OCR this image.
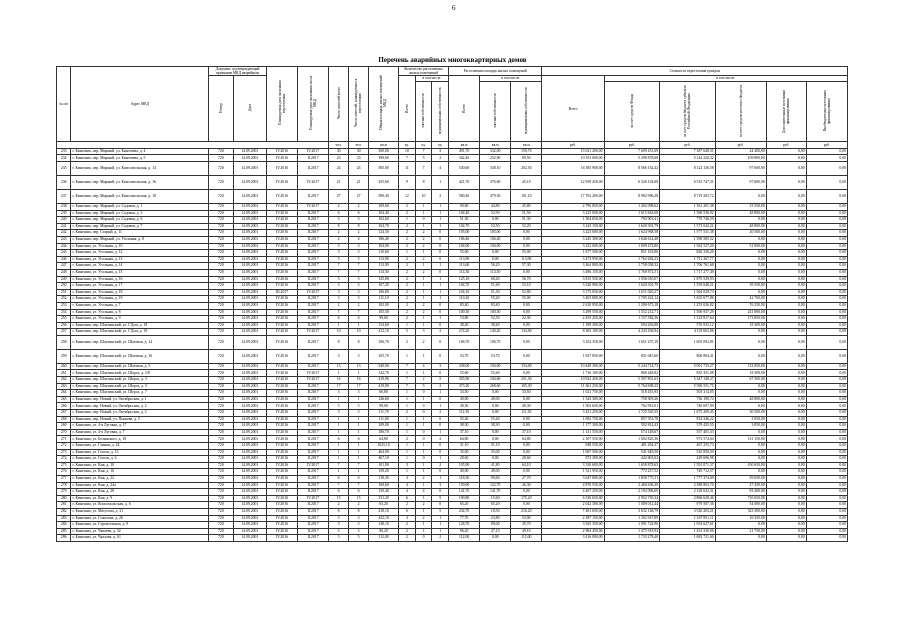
6
Перечень аварийных многоквартирных домов
№ п/п	Адрес МКД	Документ, подтверждающий признание МКД аварийным		Планируемая дата окончания переселения	Планируемая дата окончания сноса МКД	Число жителей всего	Число жителей, планируемых к переселению	Общая площадь жилых помещений МКД	Количество расселяемых жилых помещений			Расселяемая площадь жилых помещений			Стоимость переселения граждан					
		Номер	Дата						Всего	в том числе:		Всего	в том числе:		Всего	в том числе:				
										частная собственность	муниципальная собственность		частная собственность	муниципальная собственность		за счет средств Фонда	за счет средств бюджета субъекта Российской Федерации	за счет средств местного бюджета	Дополнительные источники финансирования	Внебюджетные источники финансирования
						чел.	чел.	кв.м	ед.	ед.	ед.	кв.м	кв.м	кв.м	руб.	руб.	руб.	руб.	руб.	руб.
233	г. Кинешма, пер. Мирный, ул. Кинешева, д. 4	720	14.09.2001	IV.2016	IV.2017	30	30	500,00	10	7	3	491,70	332,00	159,70	15 021 200,00	7 609 451,69	7 387 648,31	24 400,00	0,00	0,00
234	г. Кинешма, пер. Мирный, ул. Кинешева, д. 5	720	14.09.2001	IV.2016	II.2017	23	23	399,60	7	5	2	342,40	252,90	89,50	10 553 000,00	5 298 878,68	5 144 220,32	109 800,00	0,00	0,00
235	г. Кинешма, пер. Мирный, ул. Комсомольская, д. 14	720	14.09.2001	IV.2016	II.2017	24	24	585,00	11	7	4	540,60	338,10	202,50	16 585 900,00	8 566 162,42	8 122 136,58	97 600,00	0,00	0,00
236	г. Кинешма, пер. Мирный, ул. Комсомольская, д. 16	720	14.09.2001	IV.2016	IV.2017	21	21	455,60	9	8	1	421,70	376,60	45,10	12 959 450,00	6 326 102,69	6 535 747,31	97 600,00	0,00	0,00
237	г. Кинешма, пер. Мирный, ул. Комсомольская, д. 18	720	14.09.2001	IV.2016	II.2017	27	27	580,40	12	10	2	580,40	479,30	101,10	17 702 200,00	8 982 996,28	8 719 203,72	0,00	0,00	0,00
238	г. Кинешма, пер. Мирный, ул. Садовая, д. 1	720	14.09.2001	IV.2016	IV.2017	2	2	109,60	2	1	1	90,60	44,80	45,80	2 796 850,00	1 402 098,62	1 361 201,38	33 550,00	0,00	0,00
239	г. Кинешма, пер. Мирный, ул. Садовая, д. 3	720	14.09.2001	IV.2016	II.2017	6	6	104,40	2	1	1	104,40	52,90	51,50	3 223 000,00	1 615 663,08	1 568 536,92	48 800,00	0,00	0,00
240	г. Кинешма, пер. Мирный, ул. Садовая, д. 6	720	14.09.2001	IV.2016	II.2017	3	3	102,60	1	0	1	51,30	0,00	51,30	1 564 650,00	783 903,41	770 746,59	0,00	0,00	0,00
241	г. Кинешма, пер. Мирный, ул. Садовая, д. 7	720	14.09.2001	IV.2016	II.2017	8	8	104,70	2	1	1	104,70	52,50	52,20	3 243 150,00	1 620 301,79	1 573 044,21	48 800,00	0,00	0,00
242	г. Кинешма, пер. Старый, д. 11	720	14.09.2001	IV.2016	II.2017	2	2	124,50	2	2	0	105,00	105,00	0,00	3 223 000,00	1 624 968,58	1 577 531,38	20 500,00	0,00	0,00
243	г. Кинешма, пер. Мирный, ул. Угольная, д. 8	720	14.09.2001	IV.2016	II.2017	4	4	106,40	2	2	0	106,40	106,40	0,00	3 245 300,00	1 646 614,48	1 598 585,52	0,00	0,00	0,00
244	г. Кинешма, ул. Угольная, д. 10	720	14.09.2001	IV.2016	II.2017	3	3	104,00	2	2	0	104,00	104,00	0,00	3 223 000,00	1 609 472,80	1 562 527,20	51 000,00	0,00	0,00
245	г. Кинешма, ул. Угольная, д. 12	720	14.09.2001	IV.2016	II.2017	3	3	110,60	1	1	0	55,00	0,00	55,00	1 677 500,00	851 163,80	826 336,20	0,00	0,00	0,00
246	г. Кинешма, ул. Угольная, д. 13	720	14.09.2001	IV.2016	II.2017	5	5	113,90	2	2	0	113,90	0,00	113,90	3 473 950,00	1 762 682,23	1 711 267,77	0,00	0,00	0,00
247	г. Кинешма, ул. Угольная, д. 14	720	14.09.2001	IV.2016	II.2017	7	7	113,90	2	1	1	113,60	56,20	57,30	3 464 800,00	1 758 038,32	1 706 761,68	0,00	0,00	0,00
248	г. Кинешма, ул. Угольная, д. 15	720	14.09.2001	IV.2016	II.2017	7	7	114,30	2	2	0	114,30	114,30	0,00	3 486 150,00	1 768 872,51	1 717 277,49	0,00	0,00	0,00
249	г. Кинешма, ул. Угольная, д. 16	720	14.09.2001	IV.2016	II.2017	5	5	125,80	2	1	1	125,10	68,40	56,70	3 815 550,00	1 936 010,07	1 879 539,93	0,00	0,00	0,00
250	г. Кинешма, ул. Угольная, д. 17	720	14.09.2001	IV.2016	II.2017	3	3	107,20	2	1	1	104,70	51,60	53,10	3 226 900,00	1 620 301,79	1 559 048,21	39 550,00	0,00	0,00
251	г. Кинешма, ул. Угольная, д. 18	720	14.09.2001	III.2017	IV.2017	3	3	106,80	2	1	1	104,10	51,30	52,80	3 175 050,00	1 611 020,27	1 564 029,73	0,00	0,00	0,00
252	г. Кинешма, ул. Угольная, д. 19	720	14.09.2001	IV.2016	II.2017	3	3	111,10	2	1	1	110,20	55,20	55,00	3 403 800,00	1 705 422,14	1 655 677,86	42 700,00	0,00	0,00
253	г. Кинешма, ул. Угольная, д. 7	720	14.09.2001	IV.2016	II.2017	2	2	102,00	2	2	0	83,40	83,40	0,00	2 610 950,00	1 290 673,18	1 253 026,82	76 250,00	0,00	0,00
254	г. Кинешма, ул. Угольная, д. 8	720	14.09.2001	IV.2016	II.2017	7	7	105,30	2	2	0	100,30	100,30	0,00	3 299 550,00	1 552 212,71	1 506 937,29	231 800,00	0,00	0,00
255	г. Кинешма, ул. Угольная, д. 9	720	14.09.2001	IV.2016	II.2017	6	6	99,60	2	1	1	74,80	52,50	22,30	2 455 250,00	1 157 582,36	1 123 817,64	173 850,00	0,00	0,00
256	г. Кинешма, пер. Шахтинский, ул. Г.Дом, д. 18	720	14.09.2001	IV.2016	II.2017	1	1	154,60	1	1	0	38,40	38,40	0,00	1 189 300,00	594 256,88	576 933,12	18 300,00	0,00	0,00
257	г. Кинешма, пер. Шахтинский, ул. Г.Дом, д. 19	720	14.09.2001	IV.2016	IV.2017	10	10	412,10	5	3	2	274,20	140,20	134,00	8 365 100,00	4 243 436,94	4 119 663,06	0,00	0,00	0,00
258	г. Кинешма, пер. Шахтинский, ул. Шахтная, д. 14	720	14.09.2001	IV.2016	II.2017	8	8	106,70	2	2	0	106,70	106,70	0,00	3 254 350,00	1 651 257,19	1 603 092,81	0,00	0,00	0,00
259	г. Кинешма, пер. Шахтинский, ул. Шахтная, д. 16	720	14.09.2001	IV.2016	II.2017	3	3	105,70	1	1	0	53,70	53,70	0,00	1 637 850,00	831 045,60	806 804,41	0,00	0,00	0,00
260	г. Кинешма, пер. Шахтинский, ул. Шахтная, д. 5	720	14.09.2001	IV.2016	II.2017	13	13	540,00	7	4	3	338,00	184,00	154,00	10 449 300,00	5 244 714,73	5 091 735,27	112 850,00	0,00	0,00
261	г. Кинешма, пер. Шахтинский, ул. Шорса, д. 2/8	720	14.09.2001	IV.2016	IV.2017	1	1	142,70	1	1	0	55,60	55,60	0,00	1 716 100,00	860 448,82	835 351,08	18 300,00	0,00	0,00
262	г. Кинешма, пер. Шахтинский, ул. Шорса, д. 3	720	14.09.2001	IV.2016	IV.2017	16	16	419,90	7	2	5	355,90	104,60	251,30	10 922 450,00	5 507 801,63	5 347 148,37	67 500,00	0,00	0,00
263	г. Кинешма, пер. Шахтинский, ул. Шорса, д. 5	720	14.09.2001	IV.2016	II.2017	17	17	419,90	7	5	2	373,20	268,60	105,30	11 361 250,00	5 764 698,25	5 596 551,75	0,00	0,00	0,00
264	г. Кинешма, пер. Шахтинский, ул. Шорса, д. 7	720	14.09.2001	IV.2016	II.2017	3	3	66,80	1	0	1	33,50	0,00	33,50	1 021 750,00	518 435,95	503 314,05	0,00	0,00	0,00
265	г. Кинешма, пер. Новый, ул. Октябрьская, д. 1	720	14.09.2001	IV.2016	II.2017	1	1	126,60	1	1	0	49,00	49,00	0,00	1 543 300,00	758 309,26	736 190,74	48 800,00	0,00	0,00
266	г. Кинешма, пер. Новый, ул. Октябрьская, д. 2	720	14.09.2001	IV.2016	II.2017	5	5	98,00	1	0	1	49,30	0,00	49,30	1 503 650,00	762 952,01	740 697,99	0,00	0,00	0,00
267	г. Кинешма, пер. Новый, ул. Октябрьская, д. 3	720	14.09.2001	IV.2016	II.2017	3	3	111,70	2	0	2	111,50	0,00	111,50	3 431 250,00	1 725 545,55	1 675 209,45	30 500,00	0,00	0,00
268	г. Кинешма, пер. Новый, ул. Пьянова, д. 5	720	14.09.2001	IV.2016	II.2017	1	1	111,00	1	1	0	55,40	55,40	0,00	1 692 750,00	857 353,78	832 346,22	3 050,00	0,00	0,00
269	г. Кинешма, ул. 4-я Луговая, д. 17	720	14.09.2001	IV.2016	II.2017	1	1	109,00	1	1	0	38,30	38,30	0,00	1 177 300,00	592 814,43	578 435,55	3 050,00	0,00	0,00
270	г. Кинешма, ул. 4-я Луговая, д. 7	720	14.09.2001	IV.2016	II.2017	1	1	106,70	1	0	1	37,10	0,00	37,10	1 131 550,00	574 148,67	557 401,33	0,00	0,00	0,00
271	г. Кинешма, ул. Белинского, д. 18	720	14.09.2001	IV.2016	II.2017	6	6	64,80	2	0	2	64,80	0,00	64,80	2 107 550,00	1 002 825,36	973 574,64	131 150,00	0,00	0,00
272	г. Кинешма, ул. Глинки, д. 24	720	14.09.2001	IV.2016	II.2017	1	1	1025,10	1	1	0	31,10	31,10	0,00	948 550,00	481 294,27	467 255,73	0,00	0,00	0,00
273	г. Кинешма, ул. Гоголя, д. 13	720	14.09.2001	IV.2016	II.2017	1	1	464,90	1	1	0	35,00	35,00	0,00	1 067 500,00	541 649,50	525 850,50	0,00	0,00	0,00
274	г. Кинешма, ул. Гоголя, д. 4	720	14.09.2001	IV.2016	II.2017	1	1	467,10	1	0	1	28,60	0,00	28,60	872 300,00	442 603,02	429 696,98	0,00	0,00	0,00
275	г. Кинешма, ул. Кия, д. 10	720	14.09.2001	IV.2016	IV.2017	7	7	101,90	3	1	2	105,90	41,80	64,10	3 330 600,00	1 658 878,65	1 591 071,37	100 650,00	0,00	0,00
276	г. Кинешма, ул. Кия, д. 16	720	14.09.2001	IV.2016	II.2017	1	1	159,20	1	1	0	49,00	49,00	0,00	1 521 950,00	772 237,52	749 712,57	0,00	0,00	0,00
277	г. Кинешма, ул. Кия, д. 22	720	14.09.2001	IV.2016	II.2017	6	6	118,30	3	2	1	118,30	90,60	27,70	3 647 800,00	1 830 775,31	1 777 374,69	39 650,00	0,00	0,00
278	г. Кинешма, ул. Кия, д. 24а	720	14.09.2001	IV.2016	II.2017	7	7	160,60	4	1	3	159,00	122,70	36,30	4 876 550,00	2 460 636,30	2 388 863,70	27 450,00	0,00	0,00
279	г. Кинешма, ул. Кия, д. 28	720	14.09.2001	IV.2016	II.2017	6	6	150,40	4	4	0	141,70	141,70	0,00	4 407 250,00	2 192 096,69	2 128 043,31	83 400,00	0,00	0,00
280	г. Кинешма, ул. Кия, д. 9	720	14.09.2001	IV.2016	IV.2017	15	15	231,20	6	1	5	190,80	15,60	175,20	6 530 650,00	2 952 765,34	2 866 628,46	710 650,00	0,00	0,00
281	г. Кинешма, ул. Комсомольская, д. 6	720	14.09.2001	IV.2016	II.2017	2	2	65,20	2	2	0	65,20	65,20	0,00	2 042 300,00	1 009 012,44	979 587,36	54 000,00	0,00	0,00
282	г. Кинешма, ул. Матусова, д. 21	720	14.09.2001	IV.2016	II.2017	8	8	418,10	6	1	5	234,70	18,50	216,20	7 481 650,00	3 632 146,79	3 526 203,21	323 300,00	0,00	0,00
283	г. Кинешма, ул. Соколова, д. 26	720	14.09.2001	IV.2016	II.2017	3	3	432,10	3	2	1	77,70	23,80	53,90	2 387 150,00	1 202 947,89	1 167 851,11	16 350,00	0,00	0,00
284	г. Кинешма, ул. Строительная, д. 8	720	14.09.2001	IV.2016	II.2017	3	3	148,10	2	1	1	128,70	89,00	39,70	3 925 350,00	1 991 722,90	1 933 627,61	0,00	0,00	0,00
285	г. Кинешма, ул. Чапаева, д. 32	720	14.09.2001	IV.2016	II.2017	3	3	96,20	2	1	1	96,20	47,10	49,10	2 984 450,00	1 475 918,94	1 431 330,06	21 750,00	0,00	0,00
286	г. Кинешма, ул. Чкалова, д. 61	720	14.09.2001	IV.2016	II.2017	5	5	112,00	2	0	2	112,00	0,00	112,00	3 416 000,00	1 733 278,40	1 682 721,60	0,00	0,00	0,00
